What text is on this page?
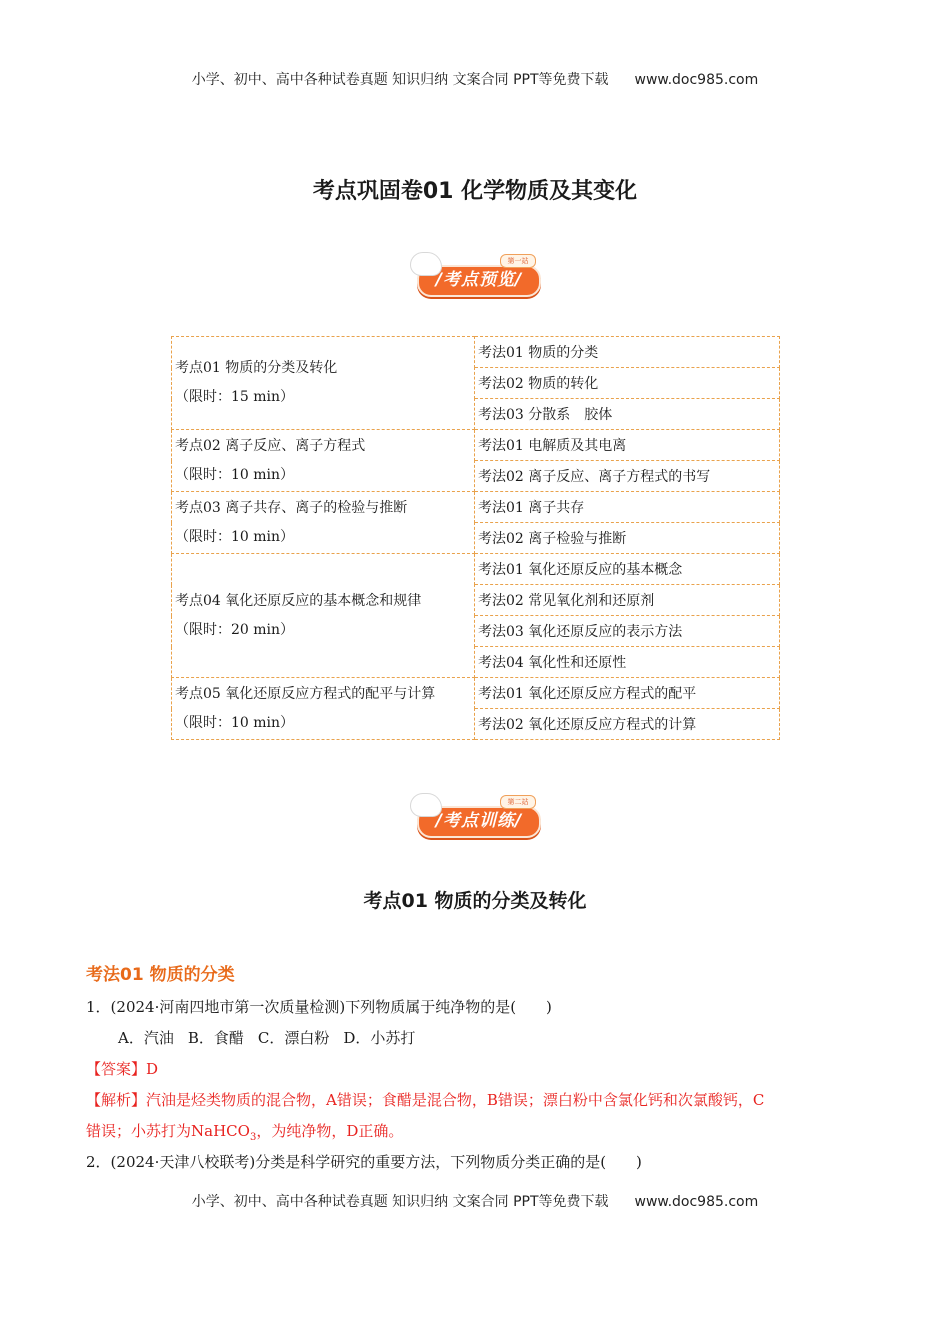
小学、初中、高中各种试卷真题 知识归纳 文案合同 PPT等免费下载 www.doc985.com
考点巩固卷01 化学物质及其变化
/考点预览/
第一站
考点01 物质的分类及转化
（限时：15 min）	考法01 物质的分类
	考法02 物质的转化
	考法03 分散系　胶体

考点02 离子反应、离子方程式
（限时：10 min）	考法01 电解质及其电离
	考法02 离子反应、离子方程式的书写

考点03 离子共存、离子的检验与推断
（限时：10 min）	考法01 离子共存
	考法02 离子检验与推断

考点04 氧化还原反应的基本概念和规律
（限时：20 min）	考法01 氧化还原反应的基本概念
	考法02 常见氧化剂和还原剂
	考法03 氧化还原反应的表示方法
	考法04 氧化性和还原性

考点05 氧化还原反应方程式的配平与计算
（限时：10 min）	考法01 氧化还原反应方程式的配平
	考法02 氧化还原反应方程式的计算
/考点训练/
第二站
考点01 物质的分类及转化
考法01 物质的分类
1．(2024·河南四地市第一次质量检测)下列物质属于纯净物的是(　　)
A．汽油 B．食醋 C．漂白粉 D．小苏打
【答案】D
【解析】汽油是烃类物质的混合物，A错误；食醋是混合物，B错误；漂白粉中含氯化钙和次氯酸钙，C
错误；小苏打为NaHCO$_3$，为纯净物，D正确。
2．(2024·天津八校联考)分类是科学研究的重要方法，下列物质分类正确的是(　　)
小学、初中、高中各种试卷真题 知识归纳 文案合同 PPT等免费下载 www.doc985.com
